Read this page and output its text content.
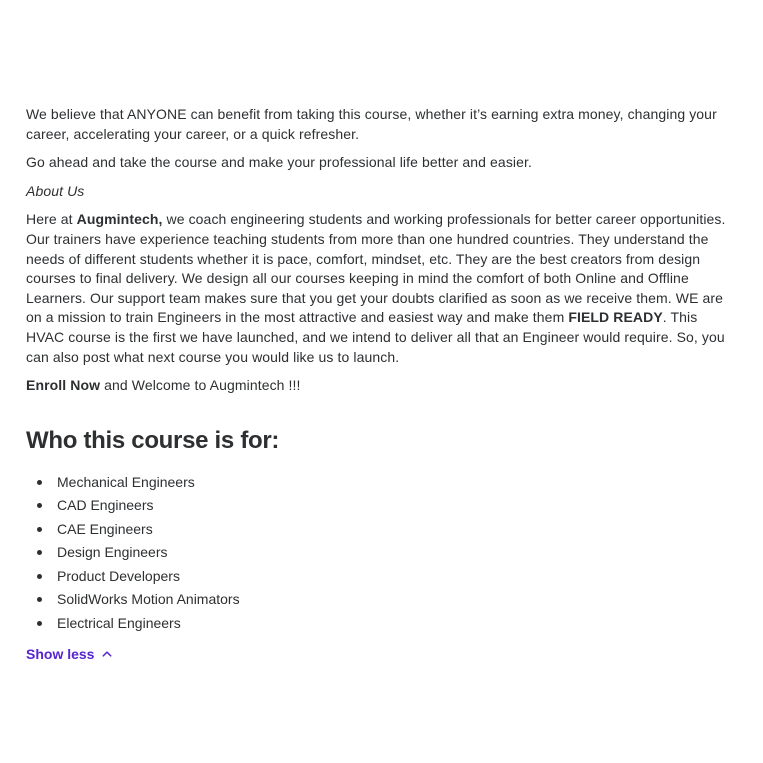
We believe that ANYONE can benefit from taking this course, whether it’s earning extra money, changing your career, accelerating your career, or a quick refresher.

Go ahead and take the course and make your professional life better and easier.

About Us

Here at Augmintech, we coach engineering students and working professionals for better career opportunities. Our trainers have experience teaching students from more than one hundred countries. They understand the needs of different students whether it is pace, comfort, mindset, etc. They are the best creators from design courses to final delivery. We design all our courses keeping in mind the comfort of both Online and Offline Learners. Our support team makes sure that you get your doubts clarified as soon as we receive them. WE are on a mission to train Engineers in the most attractive and easiest way and make them FIELD READY. This HVAC course is the first we have launched, and we intend to deliver all that an Engineer would require. So, you can also post what next course you would like us to launch.

Enroll Now and Welcome to Augmintech !!!

Who this course is for:
Mechanical Engineers
CAD Engineers
CAE Engineers
Design Engineers
Product Developers
SolidWorks Motion Animators
Electrical Engineers
Show less
